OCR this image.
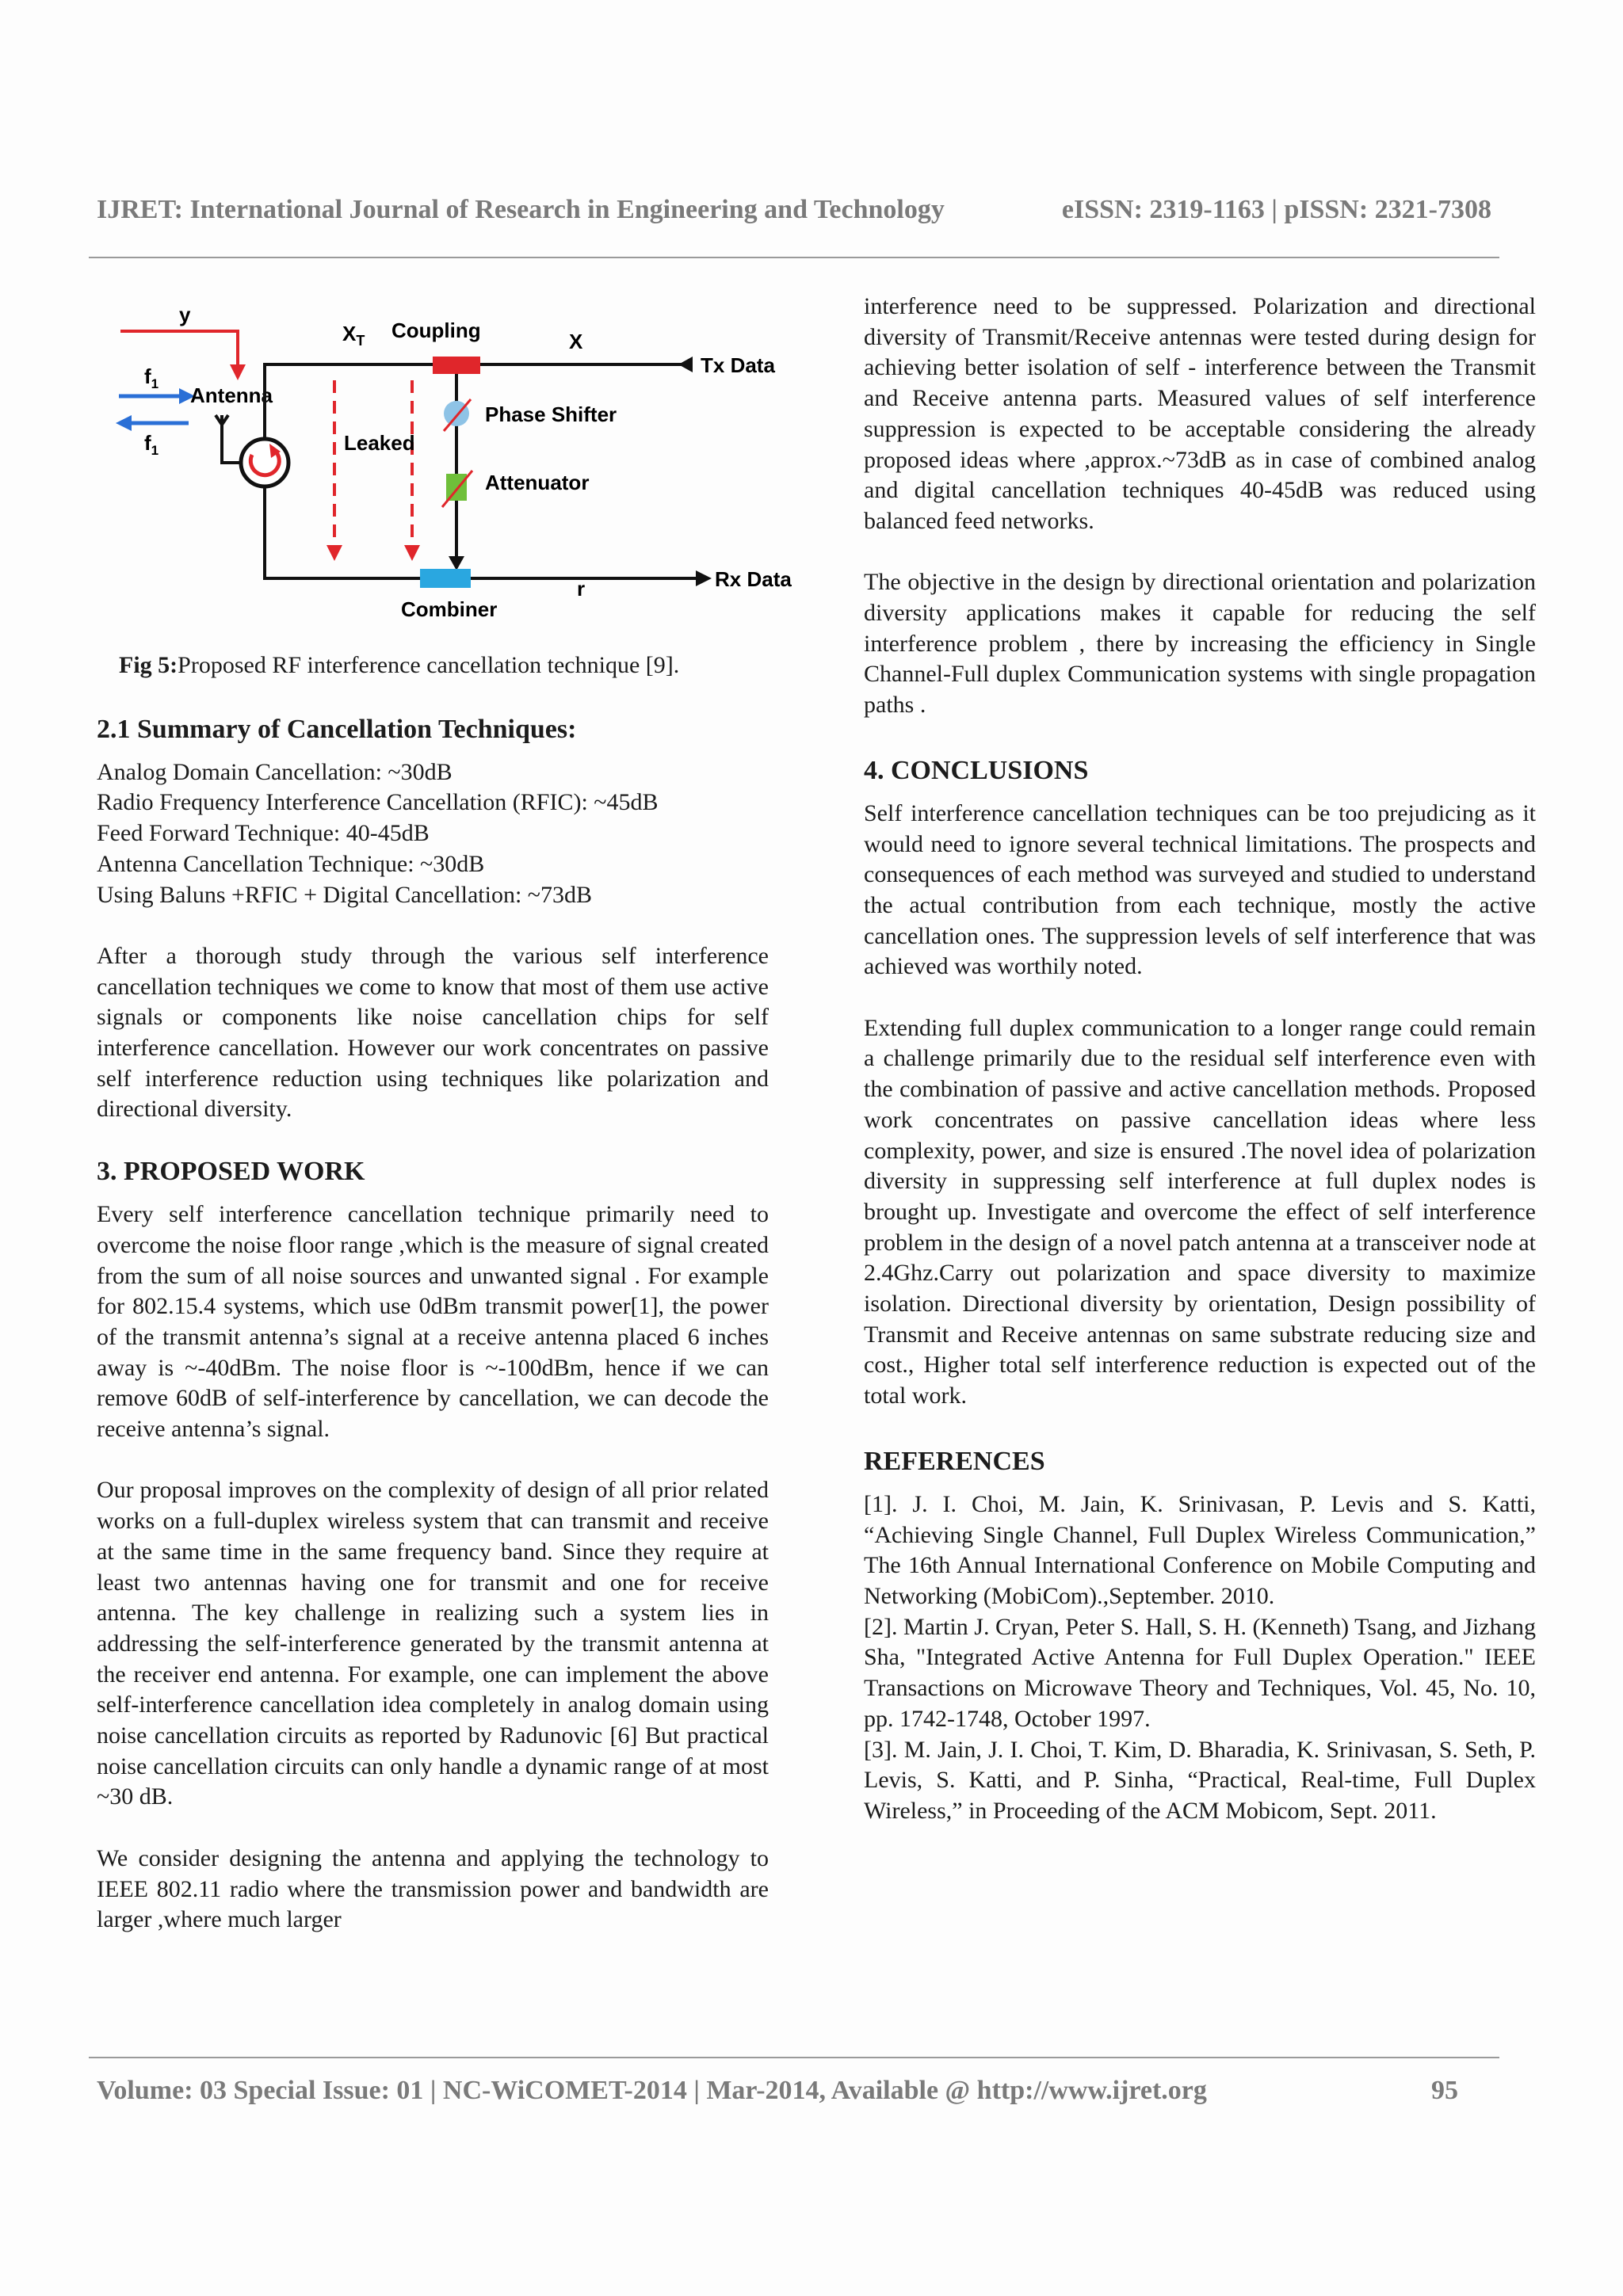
IJRET: International Journal of Research in Engineering and Technology	eISSN: 2319-1163 | pISSN: 2321-7308
y
$f_1$
$f_1$
Antenna
$X_T$ Coupling	X
Tx Data
Leaked
Phase Shifter
Attenuator
Combiner
r	Rx Data
Fig 5:Proposed RF interference cancellation technique [9].
2.1 Summary of Cancellation Techniques:
Analog Domain Cancellation: ~30dB
Radio Frequency Interference Cancellation (RFIC): ~45dB
Feed Forward Technique: 40-45dB
Antenna Cancellation Technique: ~30dB
Using Baluns +RFIC + Digital Cancellation: ~73dB

After a thorough study through the various self interference cancellation techniques we come to know that most of them use active signals or components like noise cancellation chips for self interference cancellation. However our work concentrates on passive self interference reduction using techniques like polarization and directional diversity.

3. PROPOSED WORK

Every self interference cancellation technique primarily need to overcome the noise floor range ,which is the measure of signal created from the sum of all noise sources and unwanted signal . For example for 802.15.4 systems, which use 0dBm transmit power[1], the power of the transmit antenna’s signal at a receive antenna placed 6 inches away is ~-40dBm. The noise floor is ~-100dBm, hence if we can remove 60dB of self-interference by cancellation, we can decode the receive antenna’s signal.

Our proposal improves on the complexity of design of all prior related works on a full-duplex wireless system that can transmit and receive at the same time in the same frequency band. Since they require at least two antennas having one for transmit and one for receive antenna. The key challenge in realizing such a system lies in addressing the self-interference generated by the transmit antenna at the receiver end antenna. For example, one can implement the above self-interference cancellation idea completely in analog domain using noise cancellation circuits as reported by Radunovic [6] But practical noise cancellation circuits can only handle a dynamic range of at most ~30 dB.

We consider designing the antenna and applying the technology to IEEE 802.11 radio where the transmission power and bandwidth are larger ,where much larger

interference need to be suppressed. Polarization and directional diversity of Transmit/Receive antennas were tested during design for achieving better isolation of self - interference between the Transmit and Receive antenna parts. Measured values of self interference suppression is expected to be acceptable considering the already proposed ideas where ,approx.~73dB as in case of combined analog and digital cancellation techniques 40-45dB was reduced using balanced feed networks.

The objective in the design by directional orientation and polarization diversity applications makes it capable for reducing the self interference problem , there by increasing the efficiency in Single Channel-Full duplex Communication systems with single propagation paths .

4. CONCLUSIONS

Self interference cancellation techniques can be too prejudicing as it would need to ignore several technical limitations. The prospects and consequences of each method was surveyed and studied to understand the actual contribution from each technique, mostly the active cancellation ones. The suppression levels of self interference that was achieved was worthily noted.

Extending full duplex communication to a longer range could remain a challenge primarily due to the residual self interference even with the combination of passive and active cancellation methods. Proposed work concentrates on passive cancellation ideas where less complexity, power, and size is ensured .The novel idea of polarization diversity in suppressing self interference at full duplex nodes is brought up. Investigate and overcome the effect of self interference problem in the design of a novel patch antenna at a transceiver node at 2.4Ghz.Carry out polarization and space diversity to maximize isolation. Directional diversity by orientation, Design possibility of Transmit and Receive antennas on same substrate reducing size and cost., Higher total self interference reduction is expected out of the total work.

REFERENCES

[1]. J. I. Choi, M. Jain, K. Srinivasan, P. Levis and S. Katti, “Achieving Single Channel, Full Duplex Wireless Communication,” The 16th Annual International Conference on Mobile Computing and Networking (MobiCom).,September. 2010.

[2]. Martin J. Cryan, Peter S. Hall, S. H. (Kenneth) Tsang, and Jizhang Sha, "Integrated Active Antenna for Full Duplex Operation." IEEE Transactions on Microwave Theory and Techniques, Vol. 45, No. 10, pp. 1742-1748, October 1997.

[3]. M. Jain, J. I. Choi, T. Kim, D. Bharadia, K. Srinivasan, S. Seth, P. Levis, S. Katti, and P. Sinha, “Practical, Real-time, Full Duplex Wireless,” in Proceeding of the ACM Mobicom, Sept. 2011.

Volume: 03 Special Issue: 01 | NC-WiCOMET-2014 | Mar-2014, Available @ http://www.ijret.org	95
